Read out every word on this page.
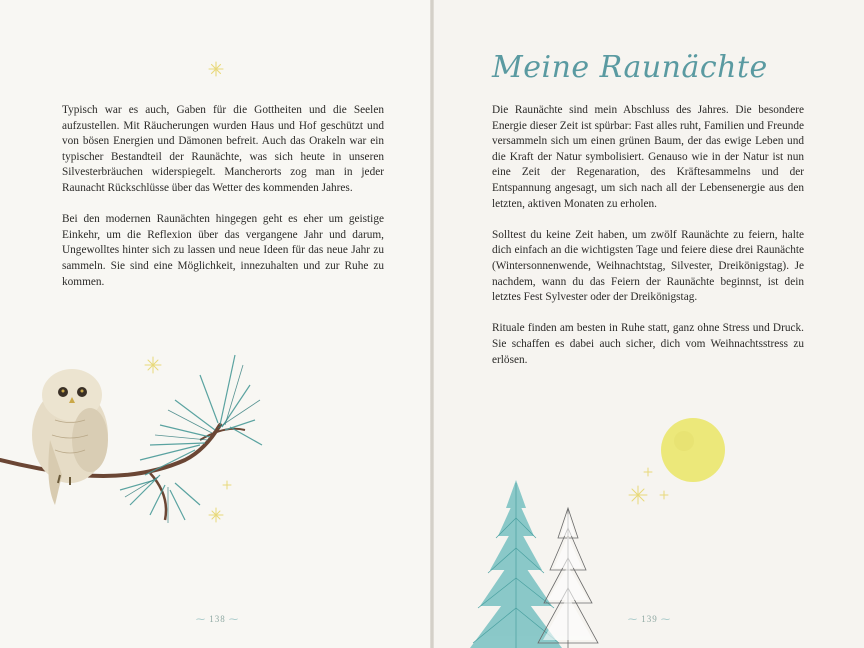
Typisch war es auch, Gaben für die Gottheiten und die Seelen aufzustellen. Mit Räucherungen wurden Haus und Hof geschützt und von bösen Energien und Dämonen befreit. Auch das Orakeln war ein typischer Bestandteil der Raunächte, was sich heute in unseren Silvesterbräuchen widerspiegelt. Mancherorts zog man in jeder Raunacht Rückschlüsse über das Wetter des kommenden Jahres.

Bei den modernen Raunächten hingegen geht es eher um geistige Einkehr, um die Reflexion über das vergangene Jahr und darum, Ungewolltes hinter sich zu lassen und neue Ideen für das neue Jahr zu sammeln. Sie sind eine Möglichkeit, innezuhalten und zur Ruhe zu kommen.

⁓ 138 ⁓
Meine Raunächte

Die Raunächte sind mein Abschluss des Jahres. Die besondere Energie dieser Zeit ist spürbar: Fast alles ruht, Familien und Freunde versammeln sich um einen grünen Baum, der das ewige Leben und die Kraft der Natur symbolisiert. Genauso wie in der Natur ist nun eine Zeit der Regenaration, des Kräftesammelns und der Entspannung angesagt, um sich nach all der Lebensenergie aus den letzten, aktiven Monaten zu erholen.

Solltest du keine Zeit haben, um zwölf Raunächte zu feiern, halte dich einfach an die wichtigsten Tage und feiere diese drei Raunächte (Wintersonnenwende, Weihnachtstag, Silvester, Dreikönigstag). Je nachdem, wann du das Feiern der Raunächte beginnst, ist dein letztes Fest Sylvester oder der Dreikönigstag.

Rituale finden am besten in Ruhe statt, ganz ohne Stress und Druck. Sie schaffen es dabei auch sicher, dich vom Weihnachtsstress zu erlösen.

⁓ 139 ⁓
